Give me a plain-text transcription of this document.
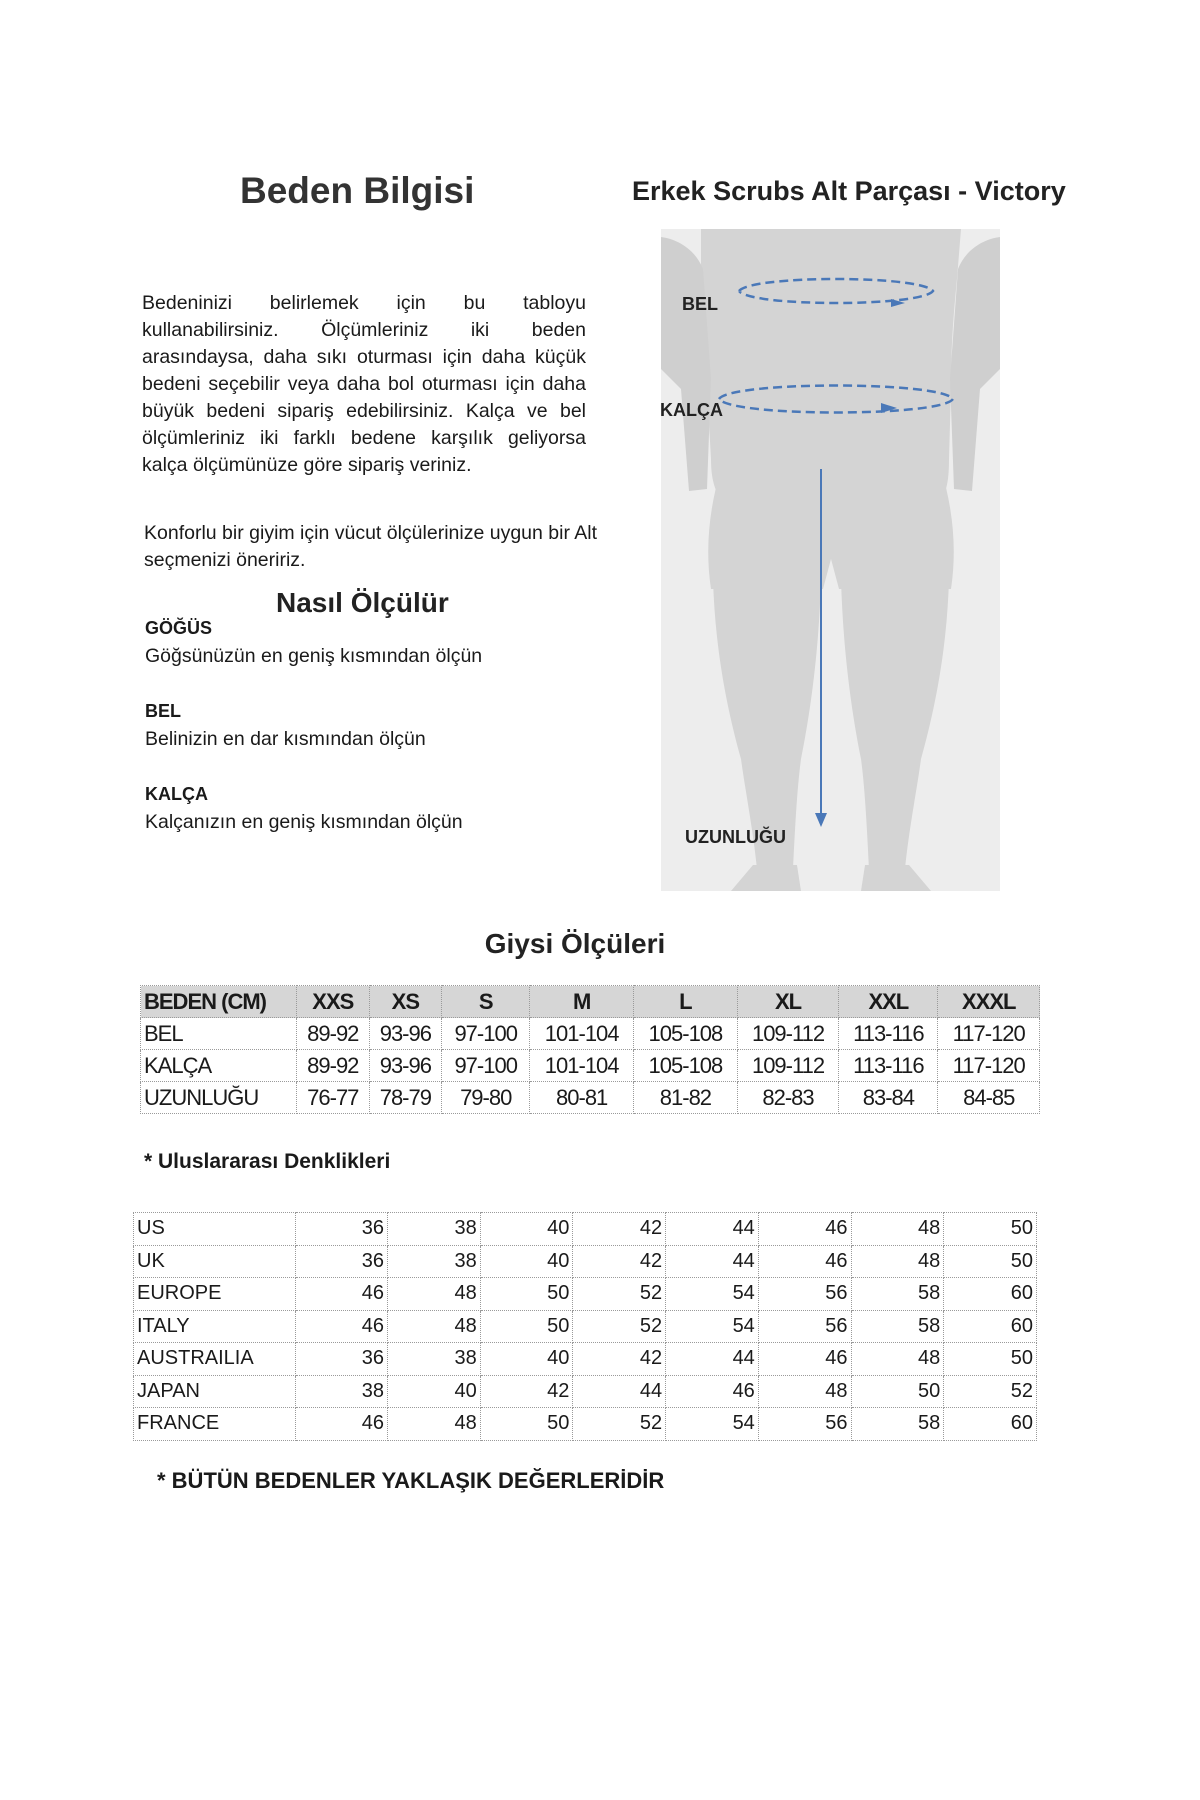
Beden Bilgisi	Erkek Scrubs Alt Parçası - Victory
Bedeninizi belirlemek için bu tabloyu kullanabilirsiniz. Ölçümleriniz iki beden arasındaysa, daha sıkı oturması için daha küçük bedeni seçebilir veya daha bol oturması için daha büyük bedeni sipariş edebilirsiniz. Kalça ve bel ölçümleriniz iki farklı bedene karşılık geliyorsa kalça ölçümünüze göre sipariş veriniz.
Konforlu bir giyim için vücut ölçülerinize uygun bir Alt seçmenizi öneririz.
Nasıl Ölçülür
GÖĞÜS
Göğsünüzün en geniş kısmından ölçün
BEL
Belinizin en dar kısmından ölçün
KALÇA
Kalçanızın en geniş kısmından ölçün
BEL
KALÇA
UZUNLUĞU
Giysi Ölçüleri
BEDEN (CM)	XXS	XS	S	M	L	XL	XXL	XXXL
BEL	89-92	93-96	97-100	101-104	105-108	109-112	113-116	117-120
KALÇA	89-92	93-96	97-100	101-104	105-108	109-112	113-116	117-120
UZUNLUĞU	76-77	78-79	79-80	80-81	81-82	82-83	83-84	84-85
* Uluslararası Denklikleri
US	36	38	40	42	44	46	48	50
UK	36	38	40	42	44	46	48	50
EUROPE	46	48	50	52	54	56	58	60
ITALY	46	48	50	52	54	56	58	60
AUSTRAILIA	36	38	40	42	44	46	48	50
JAPAN	38	40	42	44	46	48	50	52
FRANCE	46	48	50	52	54	56	58	60
* BÜTÜN BEDENLER YAKLAŞIK DEĞERLERİDİR
